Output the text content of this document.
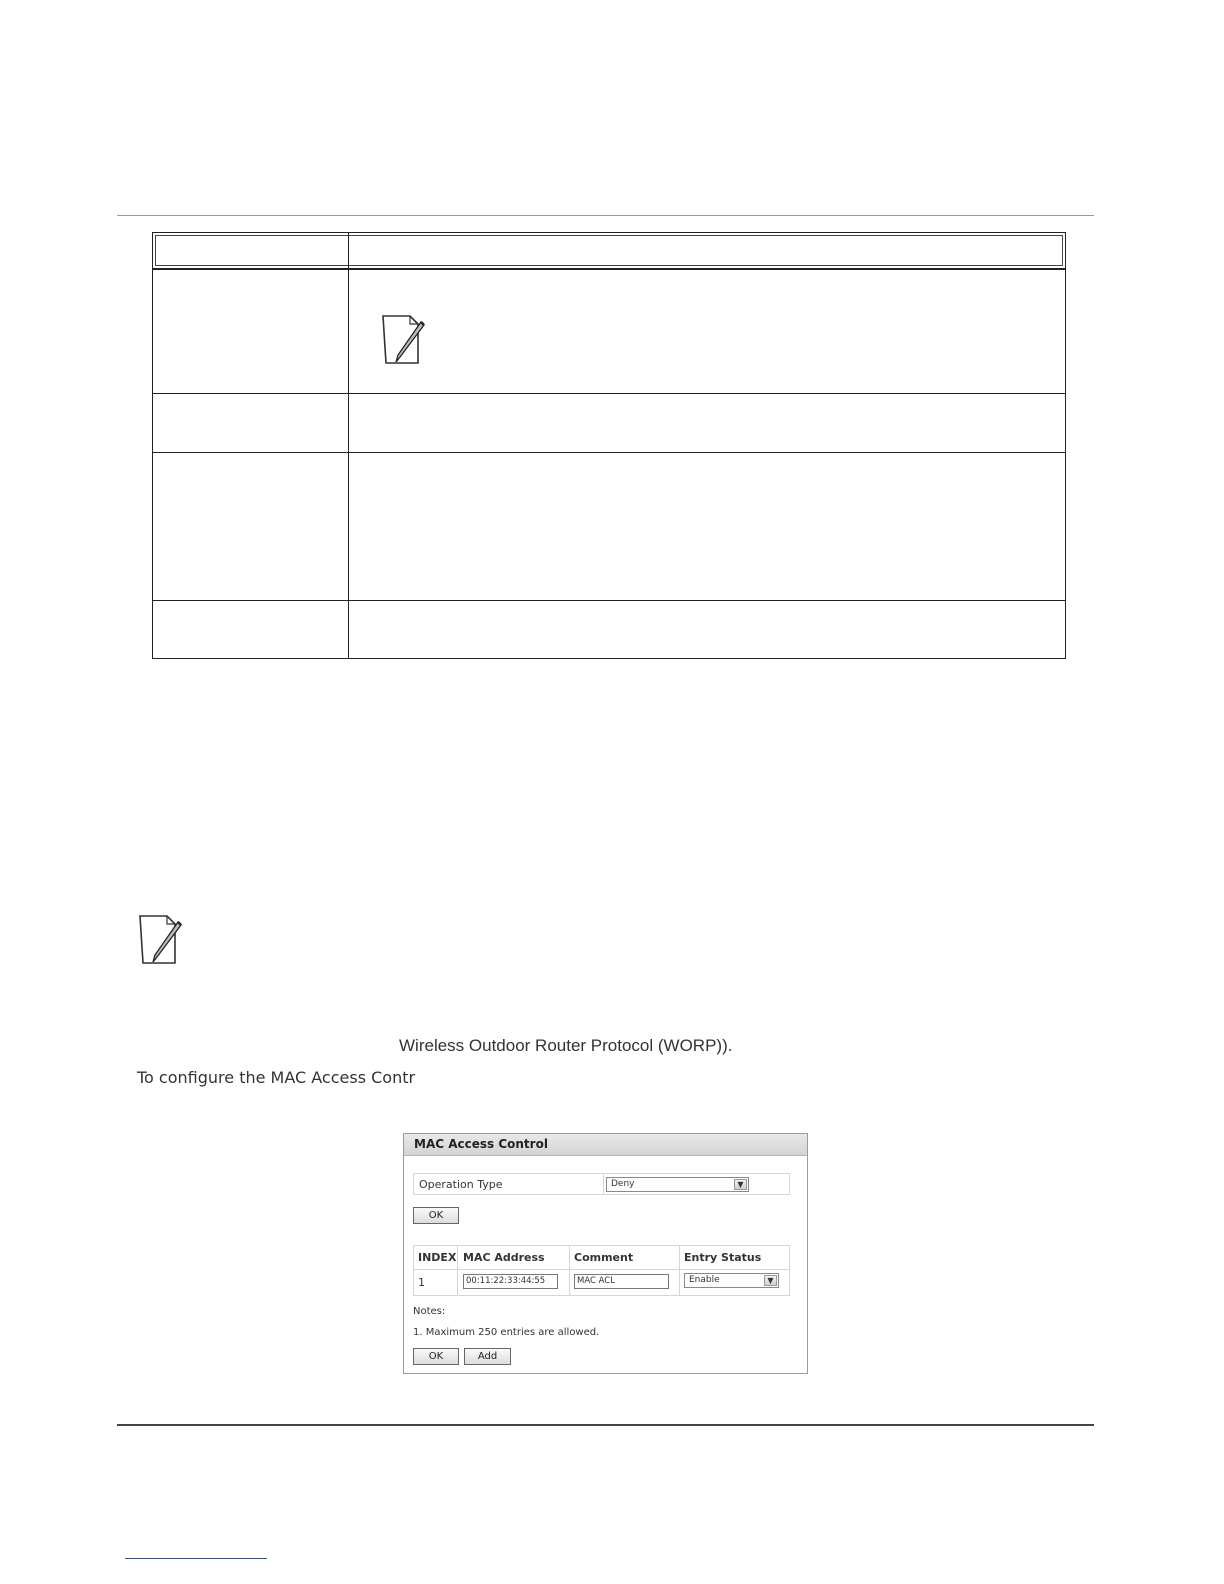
Wireless Outdoor Router Protocol (WORP)).
To configure the MAC Access Contr
MAC Access Control
Operation Type	Deny	▼
OK
INDEX MAC Address	Comment	Entry Status
1	00:11:22:33:44:55	MAC ACL	Enable	▼
Notes:
1. Maximum 250 entries are allowed.
OK	Add
